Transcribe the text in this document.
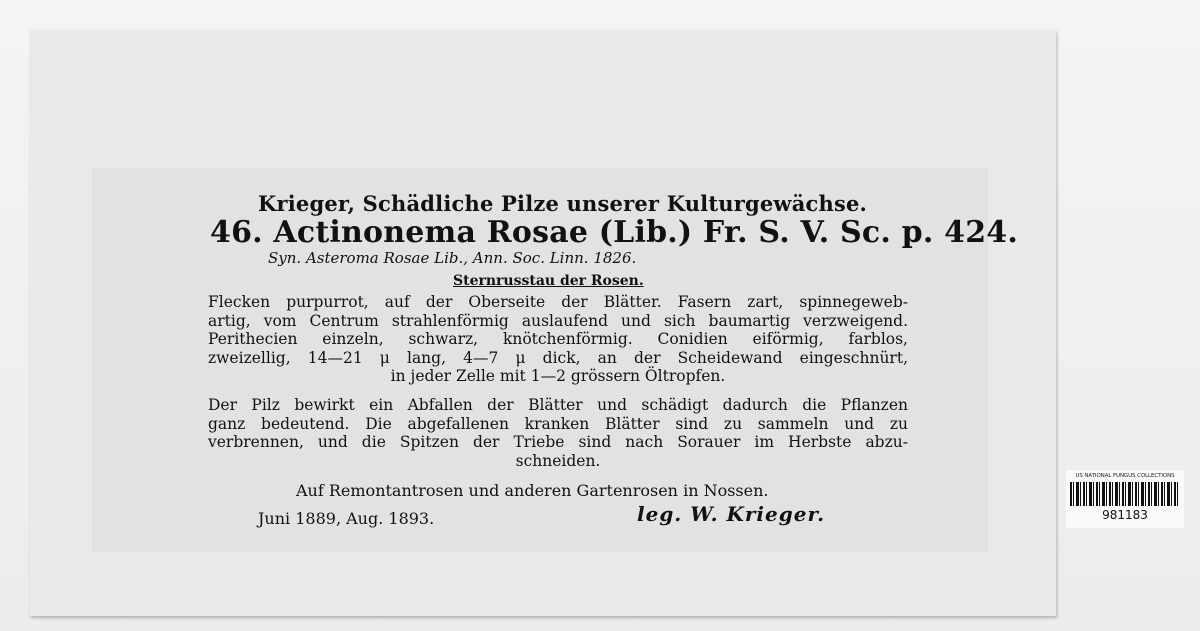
Krieger, Schädliche Pilze unserer Kulturgewächse.
46. Actinonema Rosae (Lib.) Fr. S. V. Sc. p. 424.
Syn. Asteroma Rosae Lib., Ann. Soc. Linn. 1826.
Sternrusstau der Rosen.
Flecken purpurrot, auf der Oberseite der Blätter. Fasern zart, spinnegeweb-
artig, vom Centrum strahlenförmig auslaufend und sich baumartig verzweigend.
Perithecien einzeln, schwarz, knötchenförmig. Conidien eiförmig, farblos,
zweizellig, 14—21 μ lang, 4—7 μ dick, an der Scheidewand eingeschnürt,
in jeder Zelle mit 1—2 grössern Öltropfen.
Der Pilz bewirkt ein Abfallen der Blätter und schädigt dadurch die Pflanzen
ganz bedeutend. Die abgefallenen kranken Blätter sind zu sammeln und zu
verbrennen, und die Spitzen der Triebe sind nach Sorauer im Herbste abzu-
schneiden.
Auf Remontantrosen und anderen Gartenrosen in Nossen.
Juni 1889, Aug. 1893.	leg. W. Krieger.
US NATIONAL FUNGUS COLLECTIONS
981183
